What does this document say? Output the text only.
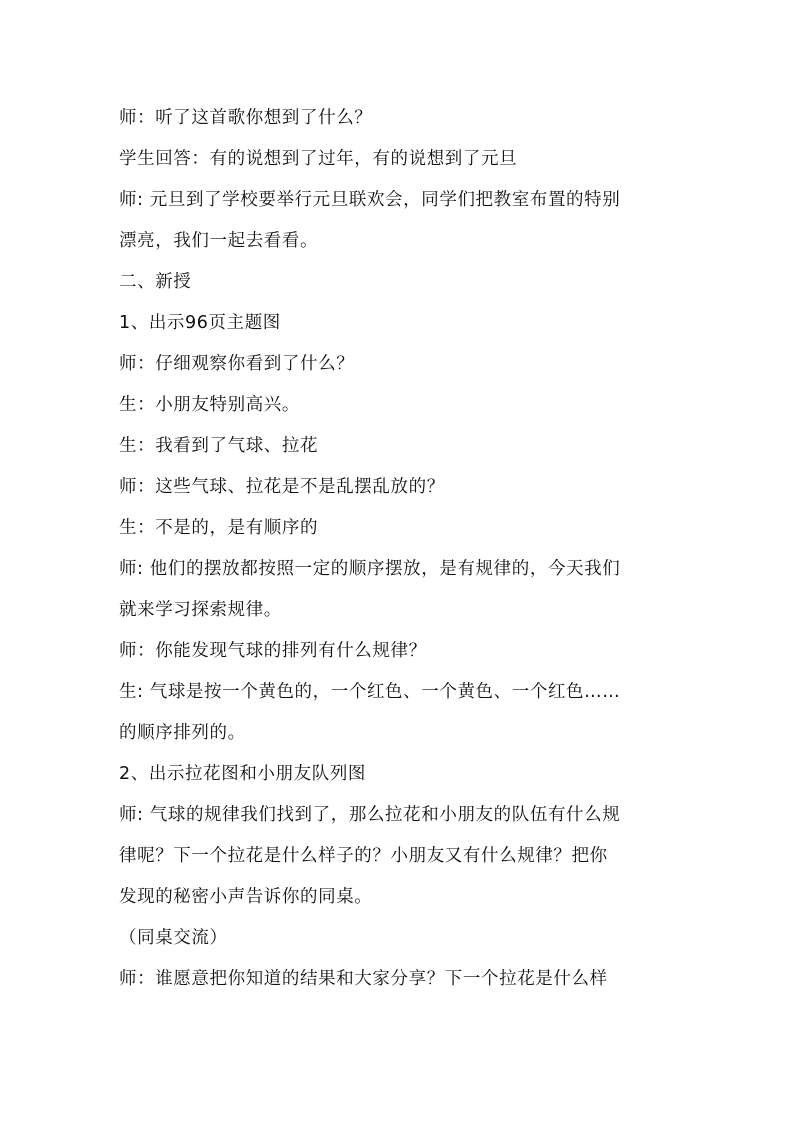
师：听了这首歌你想到了什么？
学生回答：有的说想到了过年，有的说想到了元旦
师: 元旦到了学校要举行元旦联欢会，同学们把教室布置的特别
漂亮，我们一起去看看。
二、新授
1、出示96页主题图
师：仔细观察你看到了什么？
生：小朋友特别高兴。
生：我看到了气球、拉花
师：这些气球、拉花是不是乱摆乱放的？
生：不是的，是有顺序的
师: 他们的摆放都按照一定的顺序摆放，是有规律的，今天我们
就来学习探索规律。
师：你能发现气球的排列有什么规律？
生: 气球是按一个黄色的，一个红色、一个黄色、一个红色……
的顺序排列的。
2、出示拉花图和小朋友队列图
师: 气球的规律我们找到了，那么拉花和小朋友的队伍有什么规
律呢？下一个拉花是什么样子的？小朋友又有什么规律？把你
发现的秘密小声告诉你的同桌。
（同桌交流）
师：谁愿意把你知道的结果和大家分享？下一个拉花是什么样
